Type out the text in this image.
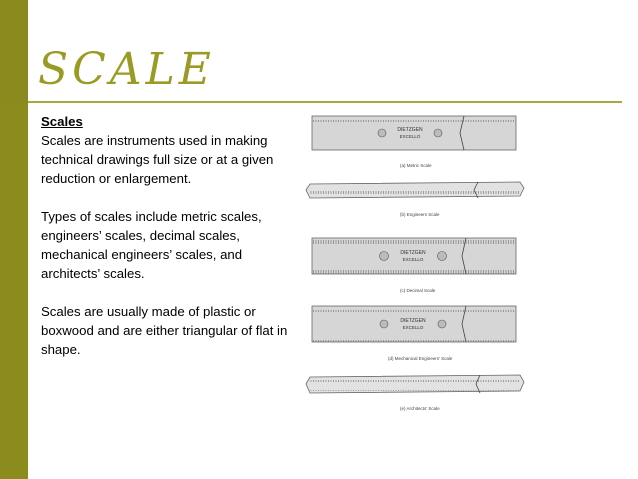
SCALE
Scales

Scales are instruments used in making technical drawings full size or at a given reduction or enlargement.

Types of scales include metric scales, engineers’ scales, decimal scales, mechanical engineers’ scales, and architects’ scales.

Scales are usually made of plastic or boxwood and are either triangular of flat in shape.

DIETZGEN
EXCELLO
(a) Metric Scale
(b) Engineers Scale
DIETZGEN
EXCELLO
(c) Decimal Scale
DIETZGEN
EXCELLO
(d) Mechanical Engineers' Scale
(e) Architects' Scale
